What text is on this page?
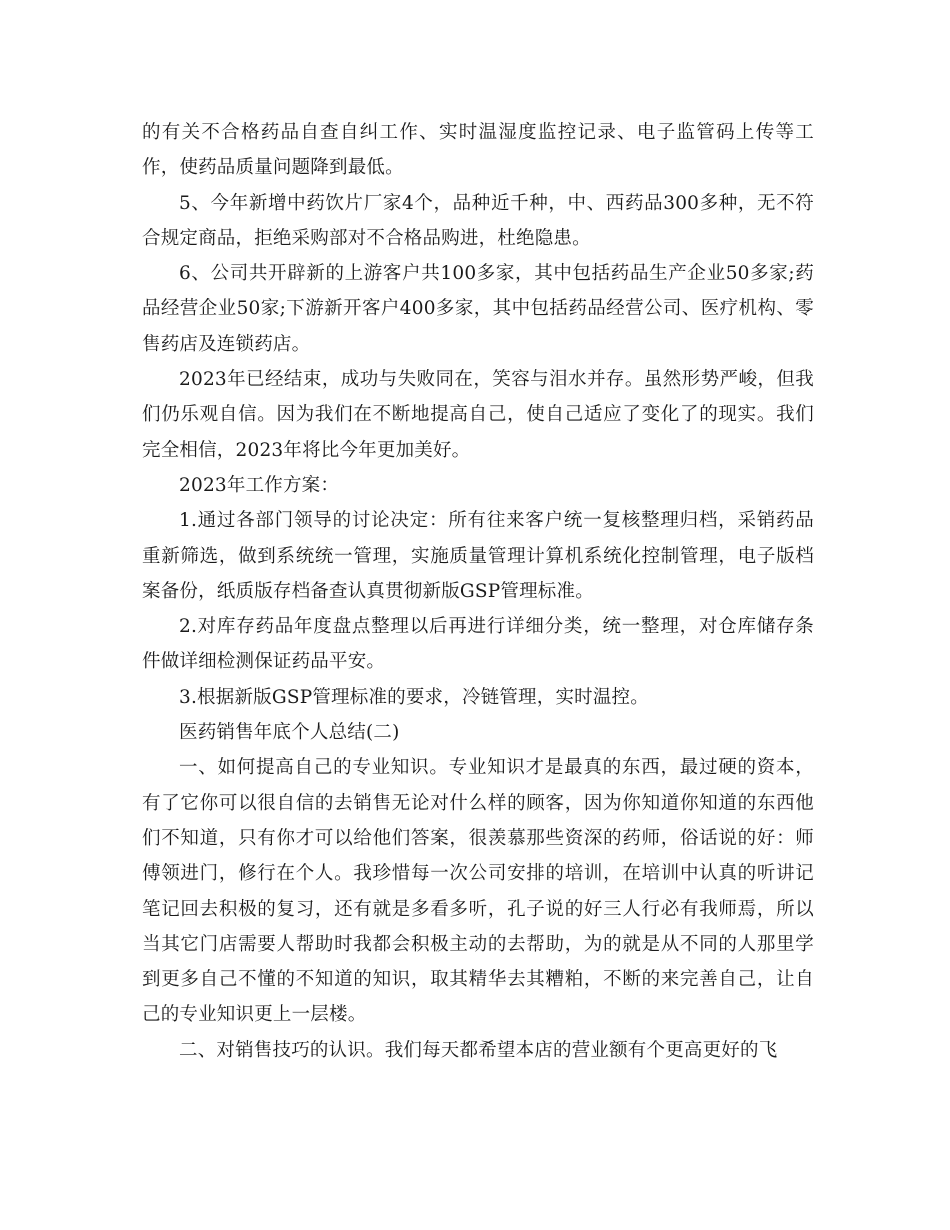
的有关不合格药品自查自纠工作、实时温湿度监控记录、电子监管码上传等工作，使药品质量问题降到最低。

5、今年新增中药饮片厂家4个，品种近千种，中、西药品300多种，无不符合规定商品，拒绝采购部对不合格品购进，杜绝隐患。

6、公司共开辟新的上游客户共100多家，其中包括药品生产企业50多家;药品经营企业50家;下游新开客户400多家，其中包括药品经营公司、医疗机构、零售药店及连锁药店。

2023年已经结束，成功与失败同在，笑容与泪水并存。虽然形势严峻，但我们仍乐观自信。因为我们在不断地提高自己，使自己适应了变化了的现实。我们完全相信，2023年将比今年更加美好。

2023年工作方案：

1.通过各部门领导的讨论决定：所有往来客户统一复核整理归档，采销药品重新筛选，做到系统统一管理，实施质量管理计算机系统化控制管理，电子版档案备份，纸质版存档备查认真贯彻新版GSP管理标准。

2.对库存药品年度盘点整理以后再进行详细分类，统一整理，对仓库储存条件做详细检测保证药品平安。

3.根据新版GSP管理标准的要求，冷链管理，实时温控。

医药销售年底个人总结(二)

一、如何提高自己的专业知识。专业知识才是最真的东西，最过硬的资本，有了它你可以很自信的去销售无论对什么样的顾客，因为你知道你知道的东西他们不知道，只有你才可以给他们答案，很羡慕那些资深的药师，俗话说的好：师傅领进门，修行在个人。我珍惜每一次公司安排的培训，在培训中认真的听讲记笔记回去积极的复习，还有就是多看多听，孔子说的好三人行必有我师焉，所以当其它门店需要人帮助时我都会积极主动的去帮助，为的就是从不同的人那里学到更多自己不懂的不知道的知识，取其精华去其糟粕，不断的来完善自己，让自己的专业知识更上一层楼。

二、对销售技巧的认识。我们每天都希望本店的营业额有个更高更好的飞
